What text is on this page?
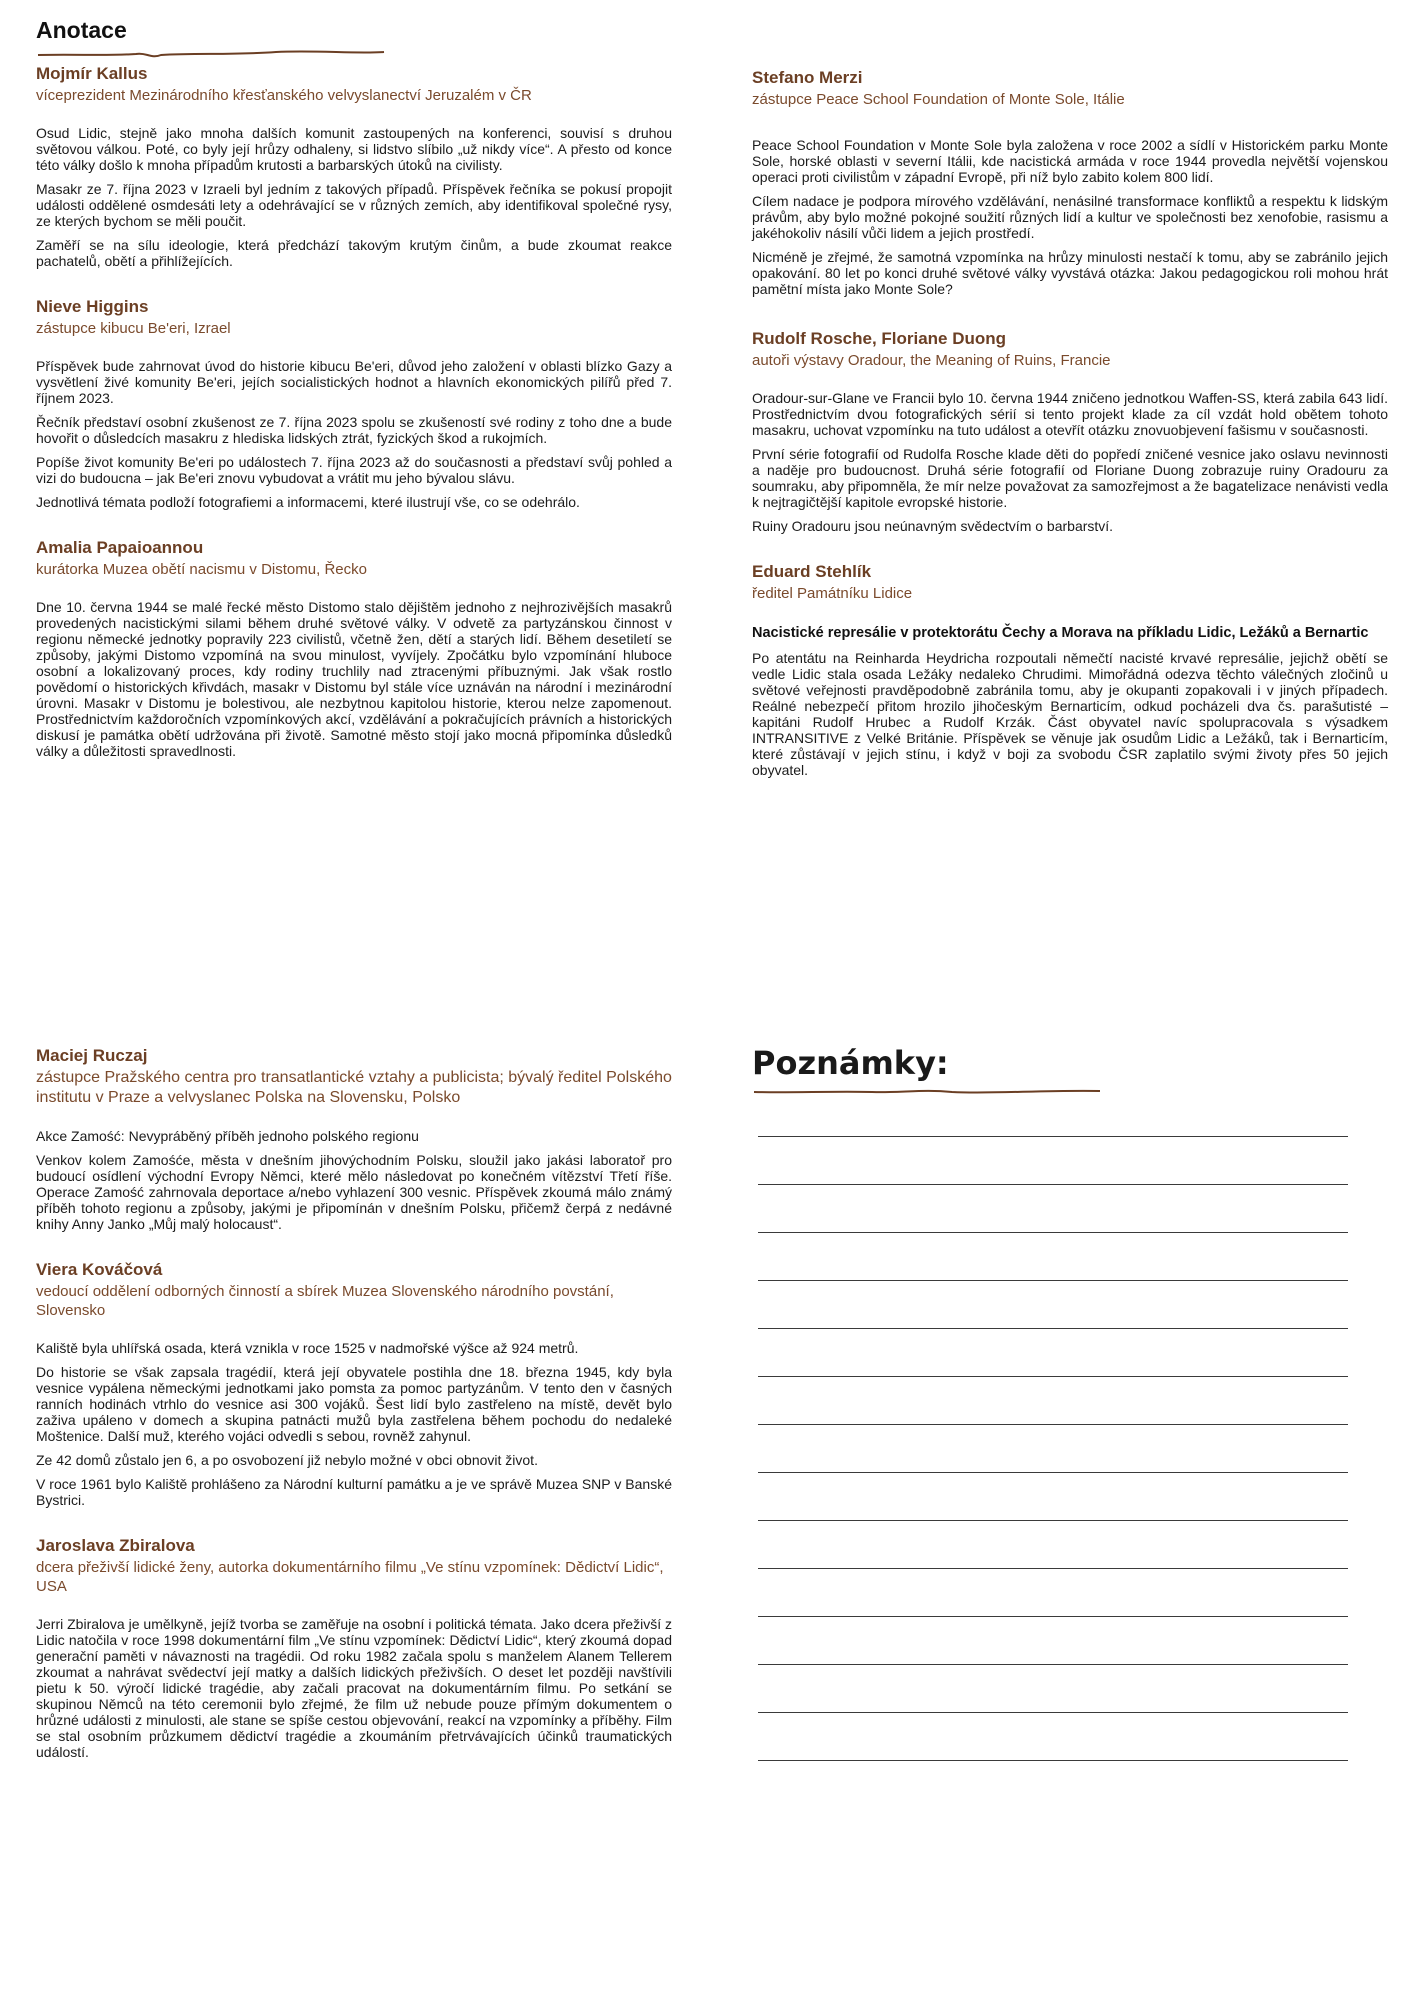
Anotace

Mojmír Kallus

víceprezident Mezinárodního křesťanského velvyslanectví Jeruzalém v ČR

Osud Lidic, stejně jako mnoha dalších komunit zastoupených na konferenci, souvisí s druhou světovou válkou. Poté, co byly její hrůzy odhaleny, si lidstvo slíbilo „už nikdy více“. A přesto od konce této války došlo k mnoha případům krutosti a barbarských útoků na civilisty.

Masakr ze 7. října 2023 v Izraeli byl jedním z takových případů. Příspěvek řečníka se pokusí propojit události oddělené osmdesáti lety a odehrávající se v různých zemích, aby identifikoval společné rysy, ze kterých bychom se měli poučit.

Zaměří se na sílu ideologie, která předchází takovým krutým činům, a bude zkoumat reakce pachatelů, obětí a přihlížejících.

Nieve Higgins

zástupce kibucu Be'eri, Izrael

Příspěvek bude zahrnovat úvod do historie kibucu Be'eri, důvod jeho založení v oblasti blízko Gazy a vysvětlení živé komunity Be'eri, jejích socialistických hodnot a hlavních ekonomických pilířů před 7. říjnem 2023.

Řečník představí osobní zkušenost ze 7. října 2023 spolu se zkušeností své rodiny z toho dne a bude hovořit o důsledcích masakru z hlediska lidských ztrát, fyzických škod a rukojmích.

Popíše život komunity Be'eri po událostech 7. října 2023 až do současnosti a představí svůj pohled a vizi do budoucna – jak Be'eri znovu vybudovat a vrátit mu jeho bývalou slávu.

Jednotlivá témata podloží fotografiemi a informacemi, které ilustrují vše, co se odehrálo.

Amalia Papaioannou

kurátorka Muzea obětí nacismu v Distomu, Řecko

Dne 10. června 1944 se malé řecké město Distomo stalo dějištěm jednoho z nejhrozivějších masakrů provedených nacistickými silami během druhé světové války. V odvetě za partyzánskou činnost v regionu německé jednotky popravily 223 civilistů, včetně žen, dětí a starých lidí. Během desetiletí se způsoby, jakými Distomo vzpomíná na svou minulost, vyvíjely. Zpočátku bylo vzpomínání hluboce osobní a lokalizovaný proces, kdy rodiny truchlily nad ztracenými příbuznými. Jak však rostlo povědomí o historických křivdách, masakr v Distomu byl stále více uznáván na národní i mezinárodní úrovni. Masakr v Distomu je bolestivou, ale nezbytnou kapitolou historie, kterou nelze zapomenout. Prostřednictvím každoročních vzpomínkových akcí, vzdělávání a pokračujících právních a historických diskusí je památka obětí udržována při životě. Samotné město stojí jako mocná připomínka důsledků války a důležitosti spravedlnosti.

Stefano Merzi

zástupce Peace School Foundation of Monte Sole, Itálie

Peace School Foundation v Monte Sole byla založena v roce 2002 a sídlí v Historickém parku Monte Sole, horské oblasti v severní Itálii, kde nacistická armáda v roce 1944 provedla největší vojenskou operaci proti civilistům v západní Evropě, při níž bylo zabito kolem 800 lidí.

Cílem nadace je podpora mírového vzdělávání, nenásilné transformace konfliktů a respektu k lidským právům, aby bylo možné pokojné soužití různých lidí a kultur ve společnosti bez xenofobie, rasismu a jakéhokoliv násilí vůči lidem a jejich prostředí.

Nicméně je zřejmé, že samotná vzpomínka na hrůzy minulosti nestačí k tomu, aby se zabránilo jejich opakování. 80 let po konci druhé světové války vyvstává otázka: Jakou pedagogickou roli mohou hrát pamětní místa jako Monte Sole?

Rudolf Rosche, Floriane Duong

autoři výstavy Oradour, the Meaning of Ruins, Francie

Oradour-sur-Glane ve Francii bylo 10. června 1944 zničeno jednotkou Waffen-SS, která zabila 643 lidí. Prostřednictvím dvou fotografických sérií si tento projekt klade za cíl vzdát hold obětem tohoto masakru, uchovat vzpomínku na tuto událost a otevřít otázku znovuobjevení fašismu v současnosti.

První série fotografií od Rudolfa Rosche klade děti do popředí zničené vesnice jako oslavu nevinnosti a naděje pro budoucnost. Druhá série fotografií od Floriane Duong zobrazuje ruiny Oradouru za soumraku, aby připomněla, že mír nelze považovat za samozřejmost a že bagatelizace nenávisti vedla k nejtragičtější kapitole evropské historie.

Ruiny Oradouru jsou neúnavným svědectvím o barbarství.

Eduard Stehlík

ředitel Památníku Lidice

Nacistické represálie v protektorátu Čechy a Morava na příkladu Lidic, Ležáků a Bernartic

Po atentátu na Reinharda Heydricha rozpoutali němečtí nacisté krvavé represálie, jejichž obětí se vedle Lidic stala osada Ležáky nedaleko Chrudimi. Mimořádná odezva těchto válečných zločinů u světové veřejnosti pravděpodobně zabránila tomu, aby je okupanti zopakovali i v jiných případech. Reálné nebezpečí přitom hrozilo jihočeským Bernarticím, odkud pocházeli dva čs. parašutisté – kapitáni Rudolf Hrubec a Rudolf Krzák. Část obyvatel navíc spolupracovala s výsadkem INTRANSITIVE z Velké Británie. Příspěvek se věnuje jak osudům Lidic a Ležáků, tak i Bernarticím, které zůstávají v jejich stínu, i když v boji za svobodu ČSR zaplatilo svými životy přes 50 jejich obyvatel.

Maciej Ruczaj

zástupce Pražského centra pro transatlantické vztahy a publicista; bývalý ředitel Polského institutu v Praze a velvyslanec Polska na Slovensku, Polsko

Akce Zamość: Nevypráběný příběh jednoho polského regionu

Venkov kolem Zamośće, města v dnešním jihovýchodním Polsku, sloužil jako jakási laboratoř pro budoucí osídlení východní Evropy Němci, které mělo následovat po konečném vítězství Třetí říše. Operace Zamość zahrnovala deportace a/nebo vyhlazení 300 vesnic. Příspěvek zkoumá málo známý příběh tohoto regionu a způsoby, jakými je připomínán v dnešním Polsku, přičemž čerpá z nedávné knihy Anny Janko „Můj malý holocaust“.

Viera Kováčová

vedoucí oddělení odborných činností a sbírek Muzea Slovenského národního povstání, Slovensko

Kaliště byla uhlířská osada, která vznikla v roce 1525 v nadmořské výšce až 924 metrů.

Do historie se však zapsala tragédií, která její obyvatele postihla dne 18. března 1945, kdy byla vesnice vypálena německými jednotkami jako pomsta za pomoc partyzánům. V tento den v časných ranních hodinách vtrhlo do vesnice asi 300 vojáků. Šest lidí bylo zastřeleno na místě, devět bylo zaživa upáleno v domech a skupina patnácti mužů byla zastřelena během pochodu do nedaleké Moštenice. Další muž, kterého vojáci odvedli s sebou, rovněž zahynul.

Ze 42 domů zůstalo jen 6, a po osvobození již nebylo možné v obci obnovit život.

V roce 1961 bylo Kaliště prohlášeno za Národní kulturní památku a je ve správě Muzea SNP v Banské Bystrici.

Jaroslava Zbiralova

dcera přeživší lidické ženy, autorka dokumentárního filmu „Ve stínu vzpomínek: Dědictví Lidic“, USA

Jerri Zbiralova je umělkyně, jejíž tvorba se zaměřuje na osobní i politická témata. Jako dcera přeživší z Lidic natočila v roce 1998 dokumentární film „Ve stínu vzpomínek: Dědictví Lidic“, který zkoumá dopad generační paměti v návaznosti na tragédii. Od roku 1982 začala spolu s manželem Alanem Tellerem zkoumat a nahrávat svědectví její matky a dalších lidických přeživších. O deset let později navštívili pietu k 50. výročí lidické tragédie, aby začali pracovat na dokumentárním filmu. Po setkání se skupinou Němců na této ceremonii bylo zřejmé, že film už nebude pouze přímým dokumentem o hrůzné události z minulosti, ale stane se spíše cestou objevování, reakcí na vzpomínky a příběhy. Film se stal osobním průzkumem dědictví tragédie a zkoumáním přetrvávajících účinků traumatických událostí.

Poznámky:
